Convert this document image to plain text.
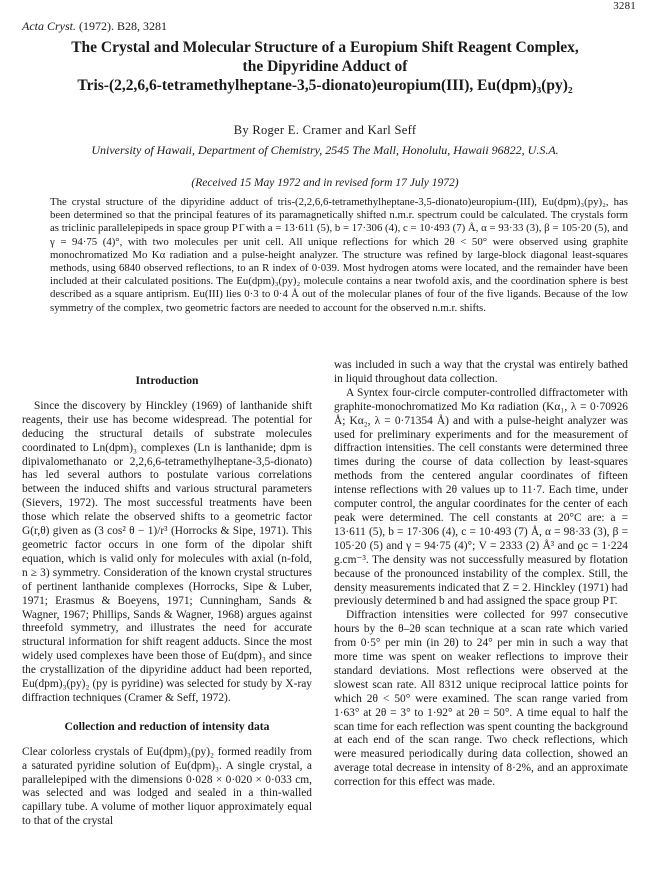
3281
Acta Cryst. (1972). B28, 3281
The Crystal and Molecular Structure of a Europium Shift Reagent Complex,
the Dipyridine Adduct of
Tris-(2,2,6,6-tetramethylheptane-3,5-dionato)europium(III), Eu(dpm)₃(py)₂
By Roger E. Cramer and Karl Seff
University of Hawaii, Department of Chemistry, 2545 The Mall, Honolulu, Hawaii 96822, U.S.A.
(Received 15 May 1972 and in revised form 17 July 1972)

The crystal structure of the dipyridine adduct of tris-(2,2,6,6-tetramethylheptane-3,5-dionato)europium-(III), Eu(dpm)₃(py)₂, has been determined so that the principal features of its paramagnetically shifted n.m.r. spectrum could be calculated. The crystals form as triclinic parallelepipeds in space group P1̄ with a = 13·611 (5), b = 17·306 (4), c = 10·493 (7) Å, α = 93·33 (3), β = 105·20 (5), and γ = 94·75 (4)°, with two molecules per unit cell. All unique reflections for which 2θ < 50° were observed using graphite monochromatized Mo Kα radiation and a pulse-height analyzer. The structure was refined by large-block diagonal least-squares methods, using 6840 observed reflections, to an R index of 0·039. Most hydrogen atoms were located, and the remainder have been included at their calculated positions. The Eu(dpm)₃(py)₂ molecule contains a near twofold axis, and the coordination sphere is best described as a square antiprism. Eu(III) lies 0·3 to 0·4 Å out of the molecular planes of four of the five ligands. Because of the low symmetry of the complex, two geometric factors are needed to account for the observed n.m.r. shifts.

Introduction

Since the discovery by Hinckley (1969) of lanthanide shift reagents, their use has become widespread. The potential for deducing the structural details of substrate molecules coordinated to Ln(dpm)₃ complexes (Ln is lanthanide; dpm is dipivalomethanato or 2,2,6,6-tetramethylheptane-3,5-dionato) has led several authors to postulate various correlations between the induced shifts and various structural parameters (Sievers, 1972). The most successful treatments have been those which relate the observed shifts to a geometric factor G(r,θ) given as (3 cos² θ − 1)/r³ (Horrocks & Sipe, 1971). This geometric factor occurs in one form of the dipolar shift equation, which is valid only for molecules with axial (n-fold, n ≥ 3) symmetry. Consideration of the known crystal structures of pertinent lanthanide complexes (Horrocks, Sipe & Luber, 1971; Erasmus & Boeyens, 1971; Cunningham, Sands & Wagner, 1967; Phillips, Sands & Wagner, 1968) argues against threefold symmetry, and illustrates the need for accurate structural information for shift reagent adducts. Since the most widely used complexes have been those of Eu(dpm)₃ and since the crystallization of the dipyridine adduct had been reported, Eu(dpm)₃(py)₂ (py is pyridine) was selected for study by X-ray diffraction techniques (Cramer & Seff, 1972).

Collection and reduction of intensity data

Clear colorless crystals of Eu(dpm)₃(py)₂ formed readily from a saturated pyridine solution of Eu(dpm)₃. A single crystal, a parallelepiped with the dimensions 0·028 × 0·020 × 0·033 cm, was selected and was lodged and sealed in a thin-walled capillary tube. A volume of mother liquor approximately equal to that of the crystal

was included in such a way that the crystal was entirely bathed in liquid throughout data collection.

A Syntex four-circle computer-controlled diffractometer with graphite-monochromatized Mo Kα radiation (Kα₁, λ = 0·70926 Å; Kα₂, λ = 0·71354 Å) and with a pulse-height analyzer was used for preliminary experiments and for the measurement of diffraction intensities. The cell constants were determined three times during the course of data collection by least-squares methods from the centered angular coordinates of fifteen intense reflections with 2θ values up to 11·7. Each time, under computer control, the angular coordinates for the center of each peak were determined. The cell constants at 20°C are: a = 13·611 (5), b = 17·306 (4), c = 10·493 (7) Å, α = 98·33 (3), β = 105·20 (5) and γ = 94·75 (4)°; V = 2333 (2) Å³ and ϱc = 1·224 g.cm⁻³. The density was not successfully measured by flotation because of the pronounced instability of the complex. Still, the density measurements indicated that Z = 2. Hinckley (1971) had previously determined b and had assigned the space group P1̄.

Diffraction intensities were collected for 997 consecutive hours by the θ–2θ scan technique at a scan rate which varied from 0·5° per min (in 2θ) to 24° per min in such a way that more time was spent on weaker reflections to improve their standard deviations. Most reflections were observed at the slowest scan rate. All 8312 unique reciprocal lattice points for which 2θ < 50° were examined. The scan range varied from 1·63° at 2θ = 3° to 1·92° at 2θ = 50°. A time equal to half the scan time for each reflection was spent counting the background at each end of the scan range. Two check reflections, which were measured periodically during data collection, showed an average total decrease in intensity of 8·2%, and an approximate correction for this effect was made.
